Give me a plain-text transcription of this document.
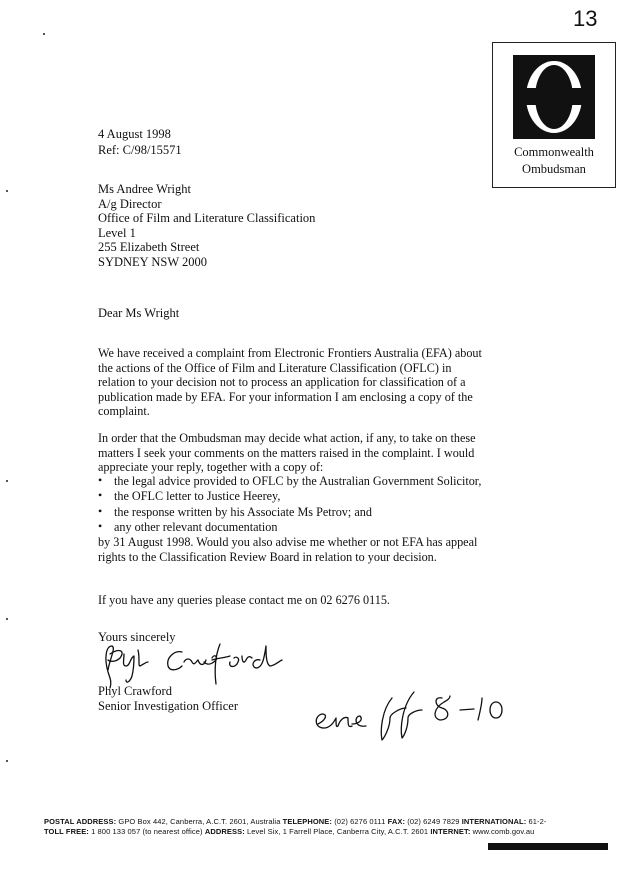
13
Commonwealth
Ombudsman
4 August 1998
Ref: C/98/15571
Ms Andree Wright
A/g Director
Office of Film and Literature Classification
Level 1
255 Elizabeth Street
SYDNEY NSW 2000
Dear Ms Wright
We have received a complaint from Electronic Frontiers Australia (EFA) about
the actions of the Office of Film and Literature Classification (OFLC) in
relation to your decision not to process an application for classification of a
publication made by EFA. For your information I am enclosing a copy of the
complaint.
In order that the Ombudsman may decide what action, if any, to take on these
matters I seek your comments on the matters raised in the complaint. I would
appreciate your reply, together with a copy of:
• the legal advice provided to OFLC by the Australian Government Solicitor,
• the OFLC letter to Justice Heerey,
• the response written by his Associate Ms Petrov; and
• any other relevant documentation
by 31 August 1998. Would you also advise me whether or not EFA has appeal
rights to the Classification Review Board in relation to your decision.
If you have any queries please contact me on 02 6276 0115.
Yours sincerely
Phyl Crawford
Senior Investigation Officer
POSTAL ADDRESS: GPO Box 442, Canberra, A.C.T. 2601, Australia TELEPHONE: (02) 6276 0111 FAX: (02) 6249 7829 INTERNATIONAL: 61-2-
TOLL FREE: 1 800 133 057 (to nearest office) ADDRESS: Level Six, 1 Farrell Place, Canberra City, A.C.T. 2601 INTERNET: www.comb.gov.au
